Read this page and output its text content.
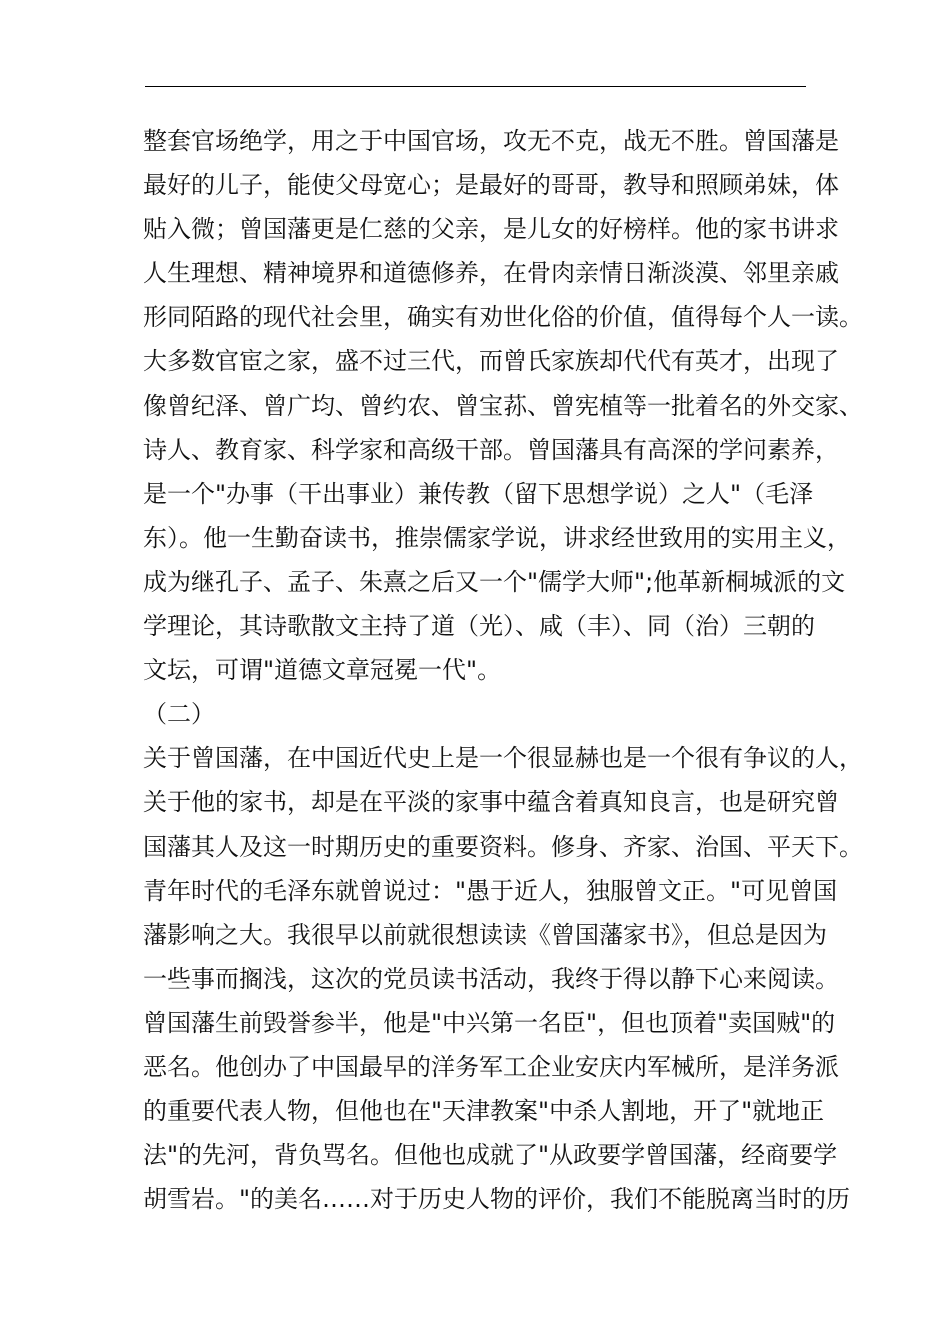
整套官场绝学，用之于中国官场，攻无不克，战无不胜。曾国藩是
最好的儿子，能使父母宽心；是最好的哥哥，教导和照顾弟妹，体
贴入微；曾国藩更是仁慈的父亲，是儿女的好榜样。他的家书讲求
人生理想、精神境界和道德修养，在骨肉亲情日渐淡漠、邻里亲戚
形同陌路的现代社会里，确实有劝世化俗的价值，值得每个人一读。
大多数官宦之家，盛不过三代，而曾氏家族却代代有英才，出现了
像曾纪泽、曾广均、曾约农、曾宝荪、曾宪植等一批着名的外交家、
诗人、教育家、科学家和高级干部。曾国藩具有高深的学问素养，
是一个"办事（干出事业）兼传教（留下思想学说）之人"（毛泽
东）。他一生勤奋读书，推崇儒家学说，讲求经世致用的实用主义，
成为继孔子、孟子、朱熹之后又一个"儒学大师";他革新桐城派的文
学理论，其诗歌散文主持了道（光）、咸（丰）、同（治）三朝的
文坛，可谓"道德文章冠冕一代"。
（二）
关于曾国藩，在中国近代史上是一个很显赫也是一个很有争议的人，
关于他的家书，却是在平淡的家事中蕴含着真知良言，也是研究曾
国藩其人及这一时期历史的重要资料。修身、齐家、治国、平天下。
青年时代的毛泽东就曾说过："愚于近人，独服曾文正。"可见曾国
藩影响之大。我很早以前就很想读读《曾国藩家书》，但总是因为
一些事而搁浅，这次的党员读书活动，我终于得以静下心来阅读。
曾国藩生前毁誉参半，他是"中兴第一名臣"，但也顶着"卖国贼"的
恶名。他创办了中国最早的洋务军工企业安庆内军械所，是洋务派
的重要代表人物，但他也在"天津教案"中杀人割地，开了"就地正
法"的先河，背负骂名。但他也成就了"从政要学曾国藩，经商要学
胡雪岩。"的美名……对于历史人物的评价，我们不能脱离当时的历
